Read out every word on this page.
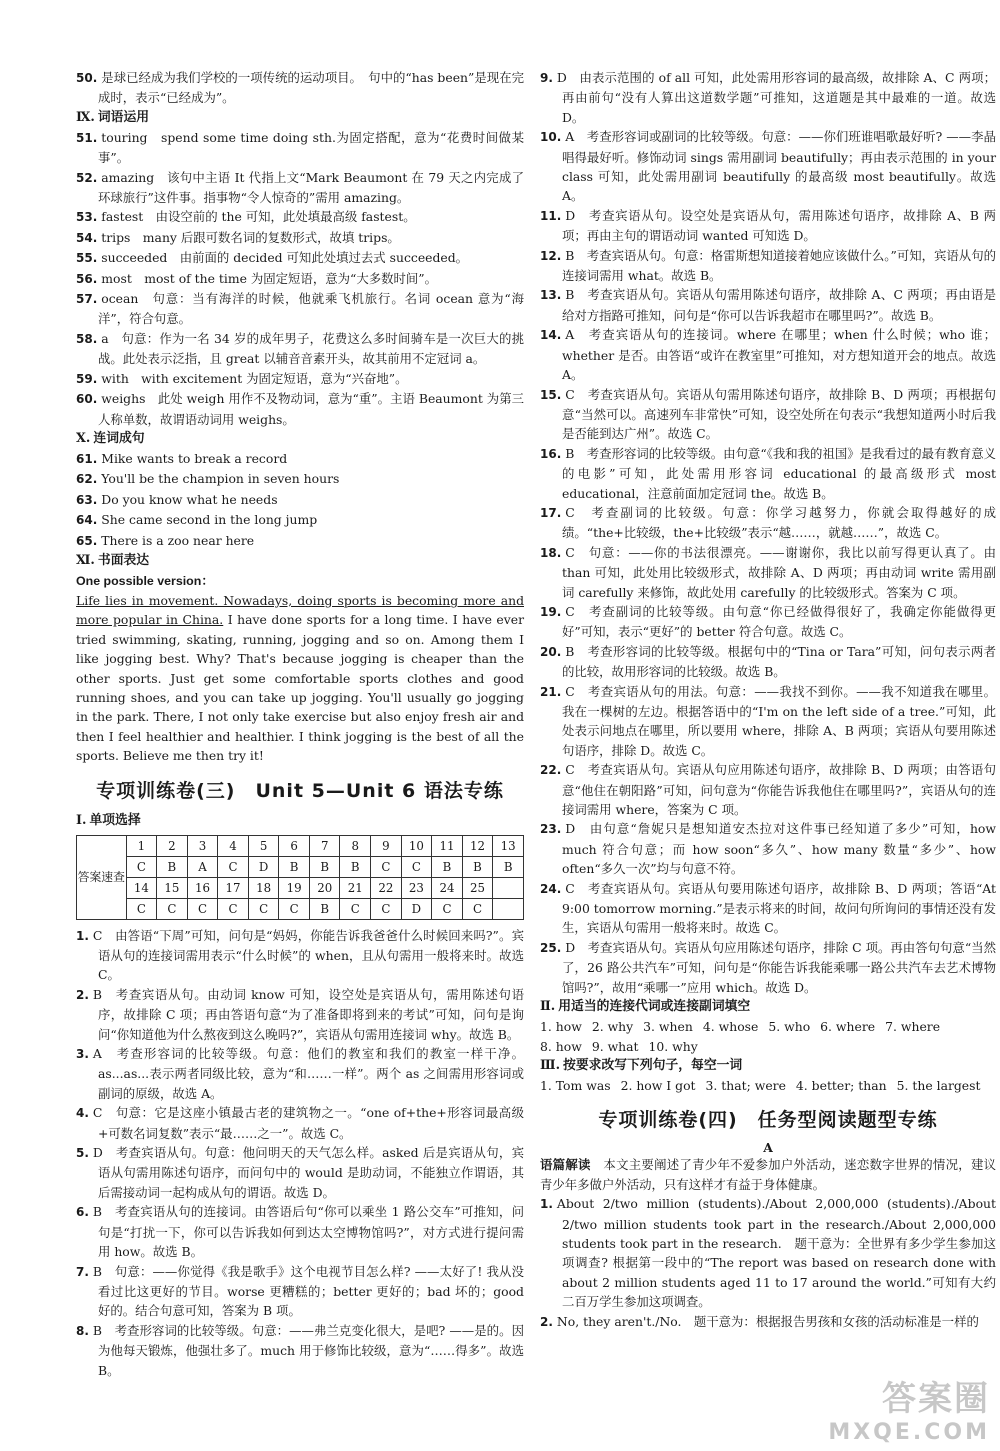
50. 是球已经成为我们学校的一项传统的运动项目。　句中的“has been”是现在完成时，表示“已经成为”。

Ⅸ. 词语运用

51. touring　spend some time doing sth.为固定搭配，意为“花费时间做某事”。

52. amazing　该句中主语 It 代指上文“Mark Beaumont 在 79 天之内完成了环球旅行”这件事。指事物“令人惊奇的”需用 amazing。

53. fastest　由设空前的 the 可知，此处填最高级 fastest。

54. trips　many 后跟可数名词的复数形式，故填 trips。

55. succeeded　由前面的 decided 可知此处填过去式 succeeded。

56. most　most of the time 为固定短语，意为“大多数时间”。

57. ocean　句意：当有海洋的时候，他就乘飞机旅行。名词 ocean 意为“海洋”，符合句意。

58. a　句意：作为一名 34 岁的成年男子，花费这么多时间骑车是一次巨大的挑战。此处表示泛指，且 great 以辅音音素开头，故其前用不定冠词 a。

59. with　with excitement 为固定短语，意为“兴奋地”。

60. weighs　此处 weigh 用作不及物动词，意为“重”。主语 Beaumont 为第三人称单数，故谓语动词用 weighs。

Ⅹ. 连词成句

61. Mike wants to break a record

62. You'll be the champion in seven hours

63. Do you know what he needs

64. She came second in the long jump

65. There is a zoo near here

Ⅺ. 书面表达
One possible version：

Life lies in movement. Nowadays, doing sports is becoming more and more popular in China. I have done sports for a long time. I have ever tried swimming, skating, running, jogging and so on. Among them I like jogging best. Why? That's because jogging is cheaper than the other sports. Just get some comfortable sports clothes and good running shoes, and you can take up jogging. You'll usually go jogging in the park. There, I not only take exercise but also enjoy fresh air and then I feel healthier and healthier. I think jogging is the best of all the sports. Believe me then try it!

专项训练卷(三)　Unit 5—Unit 6 语法专练
Ⅰ. 单项选择
答案速查	1	2	3	4	5	6	7	8	9	10	11	12	13
	C	B	A	C	D	B	B	B	C	C	B	B	B
	14	15	16	17	18	19	20	21	22	23	24	25	
	C	C	C	C	C	C	B	C	C	D	C	C	

1. C　由答语“下周”可知，问句是“妈妈，你能告诉我爸爸什么时候回来吗?”。宾语从句的连接词需用表示“什么时候”的 when，且从句需用一般将来时。故选 C。

2. B　考查宾语从句。由动词 know 可知，设空处是宾语从句，需用陈述句语序，故排除 C 项；再由答语句意“为了准备即将到来的考试”可知，问句是询问“你知道他为什么熬夜到这么晚吗?”，宾语从句需用连接词 why。故选 B。

3. A　考查形容词的比较等级。句意：他们的教室和我们的教室一样干净。as...as...表示两者同级比较，意为“和……一样”。两个 as 之间需用形容词或副词的原级，故选 A。

4. C　句意：它是这座小镇最古老的建筑物之一。“one of+the+形容词最高级+可数名词复数”表示“最……之一”。故选 C。

5. D　考查宾语从句。句意：他问明天的天气怎么样。asked 后是宾语从句，宾语从句需用陈述句语序，而问句中的 would 是助动词，不能独立作谓语，其后需接动词一起构成从句的谓语。故选 D。

6. B　考查宾语从句的连接词。由答语后句“你可以乘坐 1 路公交车”可推知，问句是“打扰一下，你可以告诉我如何到达太空博物馆吗?”，对方式进行提问需用 how。故选 B。

7. B　句意：——你觉得《我是歌手》这个电视节目怎么样? ——太好了! 我从没看过比这更好的节目。worse 更糟糕的；better 更好的；bad 坏的；good 好的。结合句意可知，答案为 B 项。

8. B　考查形容词的比较等级。句意：——弗兰克变化很大，是吧? ——是的。因为他每天锻炼，他强壮多了。much 用于修饰比较级，意为“……得多”。故选 B。

9. D　由表示范围的 of all 可知，此处需用形容词的最高级，故排除 A、C 两项；再由前句“没有人算出这道数学题”可推知，这道题是其中最难的一道。故选 D。

10. A　考查形容词或副词的比较等级。句意：——你们班谁唱歌最好听? ——李晶唱得最好听。修饰动词 sings 需用副词 beautifully；再由表示范围的 in your class 可知，此处需用副词 beautifully 的最高级 most beautifully。故选 A。

11. D　考查宾语从句。设空处是宾语从句，需用陈述句语序，故排除 A、B 两项；再由主句的谓语动词 wanted 可知选 D。

12. B　考查宾语从句。句意：格雷斯想知道接着她应该做什么。”可知，宾语从句的连接词需用 what。故选 B。

13. B　考查宾语从句。宾语从句需用陈述句语序，故排除 A、C 两项；再由语是给对方指路可推知，问句是“你可以告诉我超市在哪里吗?”。故选 B。

14. A　考查宾语从句的连接词。where 在哪里；when 什么时候；who 谁；whether 是否。由答语“或许在教室里”可推知，对方想知道开会的地点。故选 A。

15. C　考查宾语从句。宾语从句需用陈述句语序，故排除 B、D 两项；再根据句意“当然可以。高速列车非常快”可知，设空处所在句表示“我想知道两小时后我是否能到达广州”。故选 C。

16. B　考查形容词的比较等级。由句意“《我和我的祖国》是我看过的最有教育意义的电影”可知，此处需用形容词 educational 的最高级形式 most educational，注意前面加定冠词 the。故选 B。

17. C　考查副词的比较级。句意：你学习越努力，你就会取得越好的成绩。“the+比较级，the+比较级”表示“越……，就越……”，故选 C。

18. C　句意：——你的书法很漂亮。——谢谢你，我比以前写得更认真了。由 than 可知，此处用比较级形式，故排除 A、D 两项；再由动词 write 需用副词 carefully 来修饰，故此处用 carefully 的比较级形式。答案为 C 项。

19. C　考查副词的比较等级。由句意“你已经做得很好了，我确定你能做得更好”可知，表示“更好”的 better 符合句意。故选 C。

20. B　考查形容词的比较等级。根据句中的“Tina or Tara”可知，问句表示两者的比较，故用形容词的比较级。故选 B。

21. C　考查宾语从句的用法。句意：——我找不到你。——我不知道我在哪里。我在一棵树的左边。根据答语中的“I'm on the left side of a tree.”可知，此处表示问地点在哪里，所以要用 where，排除 A、B 两项；宾语从句要用陈述句语序，排除 D。故选 C。

22. C　考查宾语从句。宾语从句应用陈述句语序，故排除 B、D 两项；由答语句意“他住在朝阳路”可知，问句意为“你能告诉我他住在哪里吗?”，宾语从句的连接词需用 where，答案为 C 项。

23. D　由句意“詹妮只是想知道安杰拉对这件事已经知道了多少”可知，how much 符合句意；而 how soon“多久”、how many 数量“多少”、how often“多久一次”均与句意不符。

24. C　考查宾语从句。宾语从句要用陈述句语序，故排除 B、D 两项；答语“At 9:00 tomorrow morning.”是表示将来的时间，故问句所询问的事情还没有发生，宾语从句需用一般将来时。故选 C。

25. D　考查宾语从句。宾语从句应用陈述句语序，排除 C 项。再由答句句意“当然了，26 路公共汽车”可知，问句是“你能告诉我能乘哪一路公共汽车去艺术博物馆吗?”，故用“乘哪一”应用 which。故选 D。

Ⅱ. 用适当的连接代词或连接副词填空
1. how 2. why 3. when 4. whose 5. who 6. where 7. where
8. how 9. what 10. why
Ⅲ. 按要求改写下列句子，每空一词
1. Tom was 2. how I got 3. that; were 4. better; than 5. the largest
专项训练卷(四)　任务型阅读题型专练
A

语篇解读　 本文主要阐述了青少年不爱参加户外活动，迷恋数字世界的情况，建议青少年多做户外活动，只有这样才有益于身体健康。

1. About 2/two million (students)./About 2,000,000 (students)./About 2/two million students took part in the research./About 2,000,000 students took part in the research.　题干意为：全世界有多少学生参加这项调查? 根据第一段中的“The report was based on research done with about 2 million students aged 11 to 17 around the world.”可知有大约二百万学生参加这项调查。

2. No, they aren't./No.　题干意为：根据报告男孩和女孩的活动标准是一样的

答案圈
MXQE.COM
